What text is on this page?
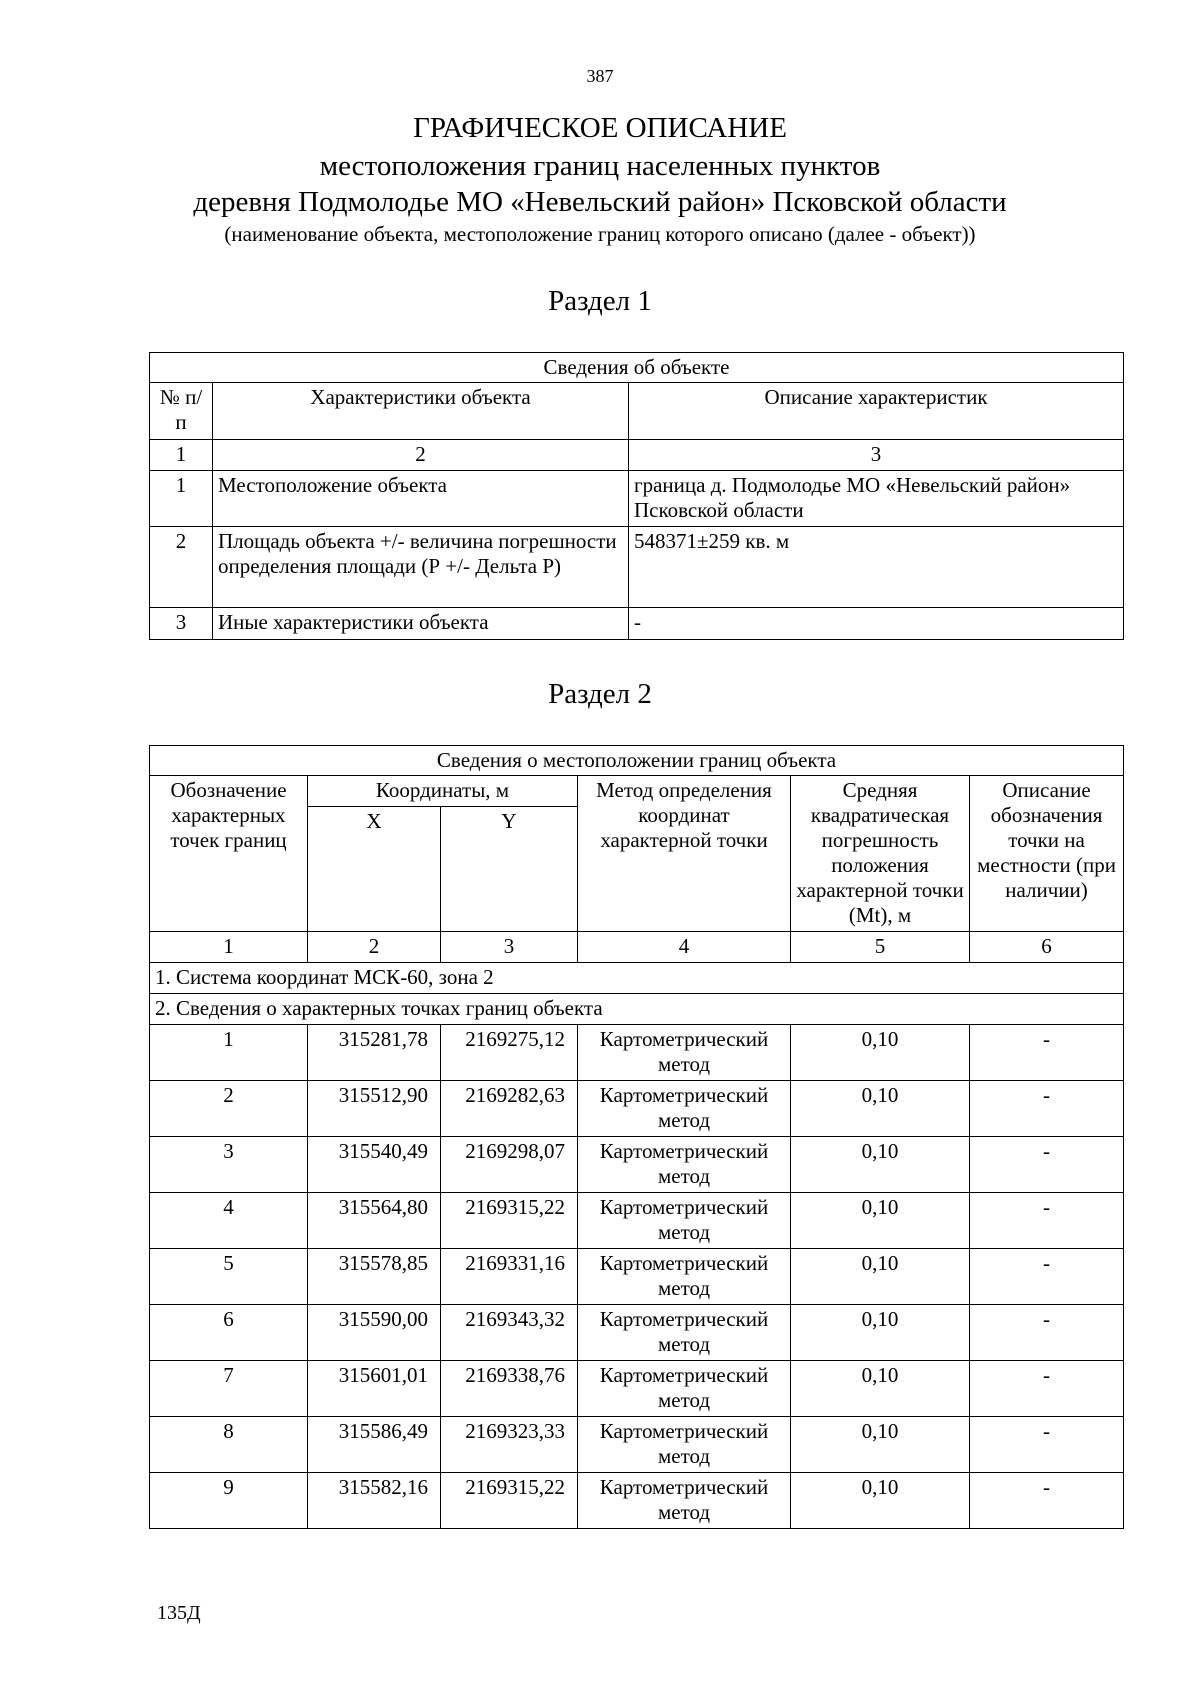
387
ГРАФИЧЕСКОЕ ОПИСАНИЕ
местоположения границ населенных пунктов
деревня Подмолодье МО «Невельский район» Псковской области
(наименование объекта, местоположение границ которого описано (далее - объект))
Раздел 1
Сведения об объекте		
№ п/п	Характеристики объекта	Описание характеристик
1	2	3
1	Местоположение объекта	граница д. Подмолодье МО «Невельский район» Псковской области
2	Площадь объекта +/- величина погрешности определения площади (Р +/- Дельта Р)	548371±259 кв. м
3	Иные характеристики объекта	-
Раздел 2
Сведения о местоположении границ объекта					
Обозначение характерных точек границ	Координаты, м		Метод определения координат характерной точки	Средняя квадратическая погрешность положения характерной точки (Mt), м	Описание обозначения точки на местности (при наличии)
	X	Y			
1	2	3	4	5	6
1. Система координат МСК-60, зона 2					
2. Сведения о характерных точках границ объекта					
1	315281,78	2169275,12	Картометрический метод	0,10	-
2	315512,90	2169282,63	Картометрический метод	0,10	-
3	315540,49	2169298,07	Картометрический метод	0,10	-
4	315564,80	2169315,22	Картометрический метод	0,10	-
5	315578,85	2169331,16	Картометрический метод	0,10	-
6	315590,00	2169343,32	Картометрический метод	0,10	-
7	315601,01	2169338,76	Картометрический метод	0,10	-
8	315586,49	2169323,33	Картометрический метод	0,10	-
9	315582,16	2169315,22	Картометрический метод	0,10	-
135Д
